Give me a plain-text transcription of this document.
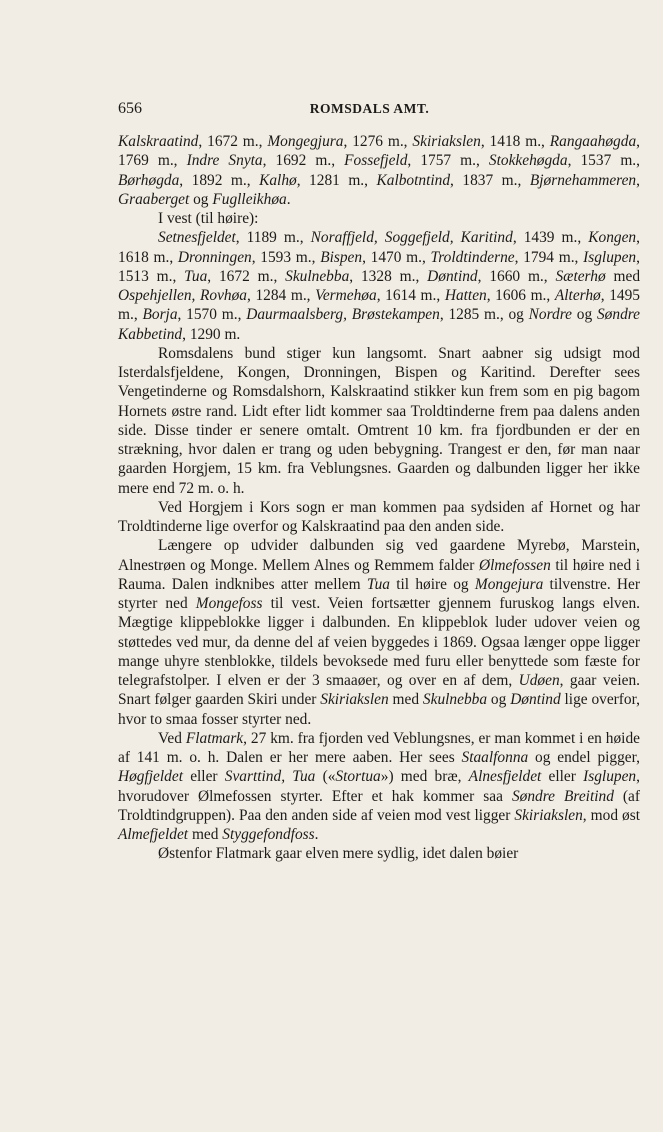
656	ROMSDALS AMT.

Kalskraatind, 1672 m., Mongegjura, 1276 m., Skiriakslen, 1418 m., Rangaahøgda, 1769 m., Indre Snyta, 1692 m., Fossefjeld, 1757 m., Stokkehøgda, 1537 m., Børhøgda, 1892 m., Kalhø, 1281 m., Kalbotntind, 1837 m., Bjørnehammeren, Graaberget og Fuglleikhøa.

I vest (til høire):

Setnesfjeldet, 1189 m., Noraffjeld, Soggefjeld, Karitind, 1439 m., Kongen, 1618 m., Dronningen, 1593 m., Bispen, 1470 m., Troldtinderne, 1794 m., Isglupen, 1513 m., Tua, 1672 m., Skulnebba, 1328 m., Døntind, 1660 m., Sæterhø med Ospehjellen, Rovhøa, 1284 m., Vermehøa, 1614 m., Hatten, 1606 m., Alterhø, 1495 m., Borja, 1570 m., Daurmaalsberg, Brøstekampen, 1285 m., og Nordre og Søndre Kabbetind, 1290 m.

Romsdalens bund stiger kun langsomt. Snart aabner sig udsigt mod Isterdalsfjeldene, Kongen, Dronningen, Bispen og Karitind. Derefter sees Vengetinderne og Romsdalshorn, Kalskraatind stikker kun frem som en pig bagom Hornets østre rand. Lidt efter lidt kommer saa Troldtinderne frem paa dalens anden side. Disse tinder er senere omtalt. Omtrent 10 km. fra fjordbunden er der en strækning, hvor dalen er trang og uden bebygning. Trangest er den, før man naar gaarden Horgjem, 15 km. fra Veblungsnes. Gaarden og dalbunden ligger her ikke mere end 72 m. o. h.

Ved Horgjem i Kors sogn er man kommen paa sydsiden af Hornet og har Troldtinderne lige overfor og Kalskraatind paa den anden side.

Længere op udvider dalbunden sig ved gaardene Myrebø, Marstein, Alnestrøen og Monge. Mellem Alnes og Remmem falder Ølmefossen til høire ned i Rauma. Dalen indknibes atter mellem Tua til høire og Mongejura tilvenstre. Her styrter ned Mongefoss til vest. Veien fortsætter gjennem furuskog langs elven. Mægtige klippeblokke ligger i dalbunden. En klippeblok luder udover veien og støttedes ved mur, da denne del af veien byggedes i 1869. Ogsaa længer oppe ligger mange uhyre stenblokke, tildels bevoksede med furu eller benyttede som fæste for telegrafstolper. I elven er der 3 smaaøer, og over en af dem, Udøen, gaar veien. Snart følger gaarden Skiri under Skiriakslen med Skulnebba og Døntind lige overfor, hvor to smaa fosser styrter ned.

Ved Flatmark, 27 km. fra fjorden ved Veblungsnes, er man kommet i en høide af 141 m. o. h. Dalen er her mere aaben. Her sees Staalfonna og endel pigger, Høgfjeldet eller Svarttind, Tua («Stortua») med bræ, Alnesfjeldet eller Isglupen, hvorudover Ølmefossen styrter. Efter et hak kommer saa Søndre Breitind (af Troldtindgruppen). Paa den anden side af veien mod vest ligger Skiriakslen, mod øst Almefjeldet med Styggefondfoss.

Østenfor Flatmark gaar elven mere sydlig, idet dalen bøier
